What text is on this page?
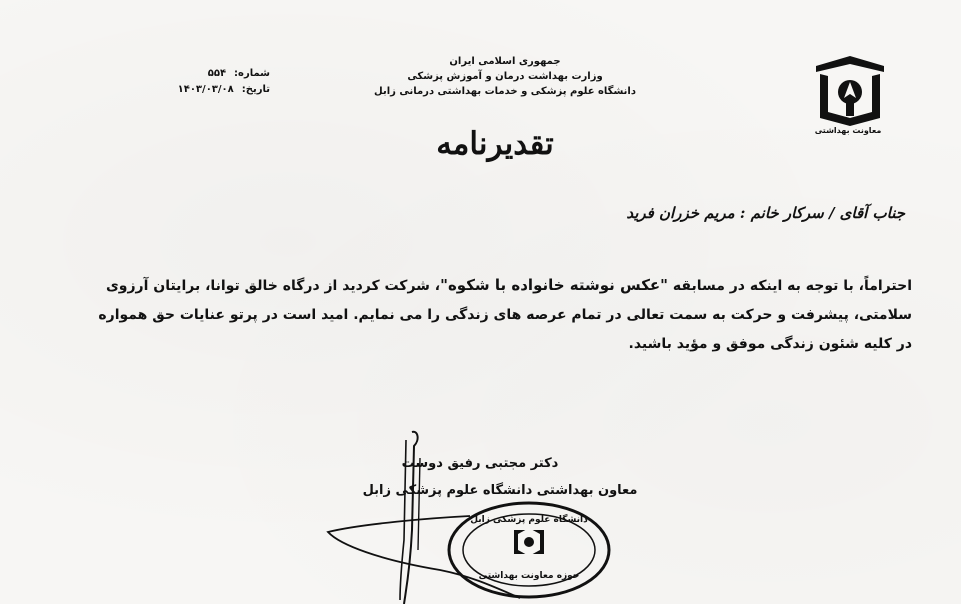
معاونت بهداشتی
جمهوری اسلامی ایران
وزارت بهداشت درمان و آموزش پزشکی
دانشگاه علوم پزشکی و خدمات بهداشتی درمانی زابل
شماره:
۵۵۴
تاریخ:
۱۴۰۳/۰۳/۰۸
تقدیرنامه
جناب آقای / سرکار خانم : مریم خزران فرید

احتراماً، با توجه به اینکه در مسابقه "عکس نوشته خانواده با شکوه"، شرکت کردید از درگاه خالق توانا، برایتان آرزوی

سلامتی، پیشرفت و حرکت به سمت تعالی در تمام عرصه های زندگی را می نمایم. امید است در پرتو عنایات حق همواره

در کلیه شئون زندگی موفق و مؤید باشید.

دانشگاه علوم پزشکی زابل
حوزه معاونت بهداشتی
دکتر مجتبی رفیق دوست
معاون بهداشتی دانشگاه علوم پزشکی زابل
